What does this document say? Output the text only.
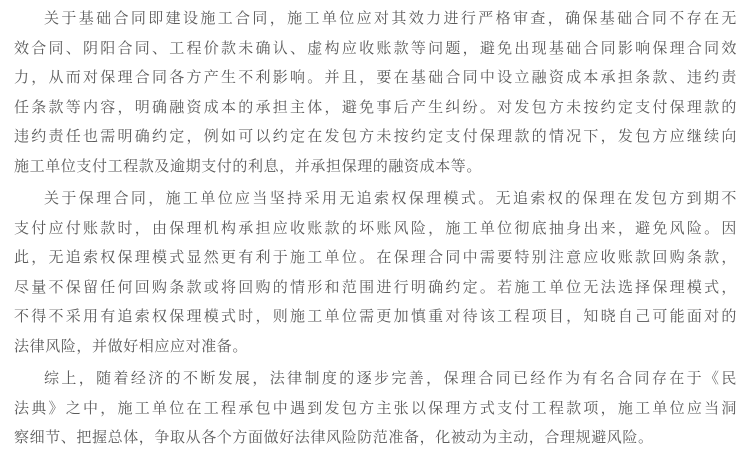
关于基础合同即建设施工合同，施工单位应对其效力进行严格审查，确保基础合同不存在无
效合同、阴阳合同、工程价款未确认、虚构应收账款等问题，避免出现基础合同影响保理合同效
力，从而对保理合同各方产生不利影响。并且，要在基础合同中设立融资成本承担条款、违约责
任条款等内容，明确融资成本的承担主体，避免事后产生纠纷。对发包方未按约定支付保理款的
违约责任也需明确约定，例如可以约定在发包方未按约定支付保理款的情况下，发包方应继续向
施工单位支付工程款及逾期支付的利息，并承担保理的融资成本等。
关于保理合同，施工单位应当坚持采用无追索权保理模式。无追索权的保理在发包方到期不
支付应付账款时，由保理机构承担应收账款的坏账风险，施工单位彻底抽身出来，避免风险。因
此，无追索权保理模式显然更有利于施工单位。在保理合同中需要特别注意应收账款回购条款，
尽量不保留任何回购条款或将回购的情形和范围进行明确约定。若施工单位无法选择保理模式，
不得不采用有追索权保理模式时，则施工单位需更加慎重对待该工程项目，知晓自己可能面对的
法律风险，并做好相应应对准备。
综上，随着经济的不断发展，法律制度的逐步完善，保理合同已经作为有名合同存在于《民
法典》之中，施工单位在工程承包中遇到发包方主张以保理方式支付工程款项，施工单位应当洞
察细节、把握总体，争取从各个方面做好法律风险防范准备，化被动为主动，合理规避风险。
